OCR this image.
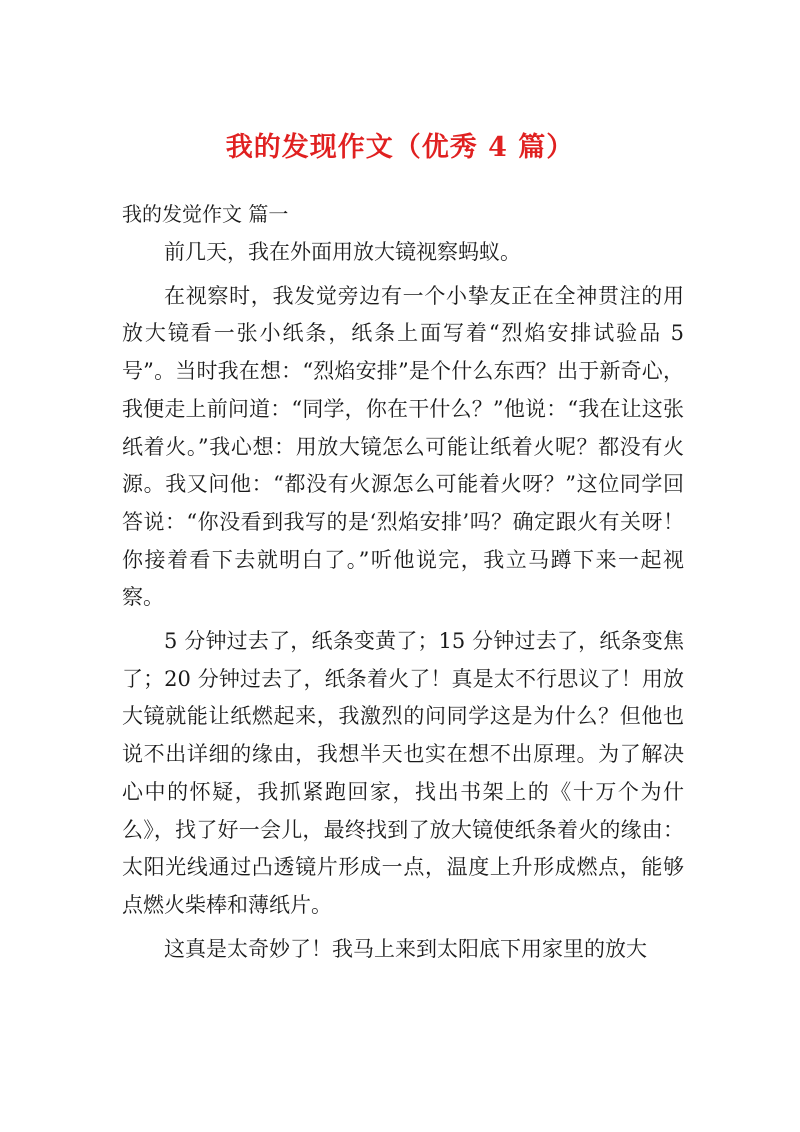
我的发现作文（优秀 4 篇）

我的发觉作文 篇一

前几天，我在外面用放大镜视察蚂蚁。

在视察时，我发觉旁边有一个小挚友正在全神贯注的用放大镜看一张小纸条，纸条上面写着“烈焰安排试验品 5 号”。当时我在想：“烈焰安排”是个什么东西？出于新奇心，我便走上前问道：“同学，你在干什么？”他说：“我在让这张纸着火。”我心想：用放大镜怎么可能让纸着火呢？都没有火源。我又问他：“都没有火源怎么可能着火呀？”这位同学回答说：“你没看到我写的是‘烈焰安排’吗？确定跟火有关呀！你接着看下去就明白了。”听他说完，我立马蹲下来一起视察。

5 分钟过去了，纸条变黄了；15 分钟过去了，纸条变焦了；20 分钟过去了，纸条着火了！真是太不行思议了！用放大镜就能让纸燃起来，我激烈的问同学这是为什么？但他也说不出详细的缘由，我想半天也实在想不出原理。为了解决心中的怀疑，我抓紧跑回家，找出书架上的《十万个为什么》，找了好一会儿，最终找到了放大镜使纸条着火的缘由：太阳光线通过凸透镜片形成一点，温度上升形成燃点，能够点燃火柴棒和薄纸片。

这真是太奇妙了！我马上来到太阳底下用家里的放大
